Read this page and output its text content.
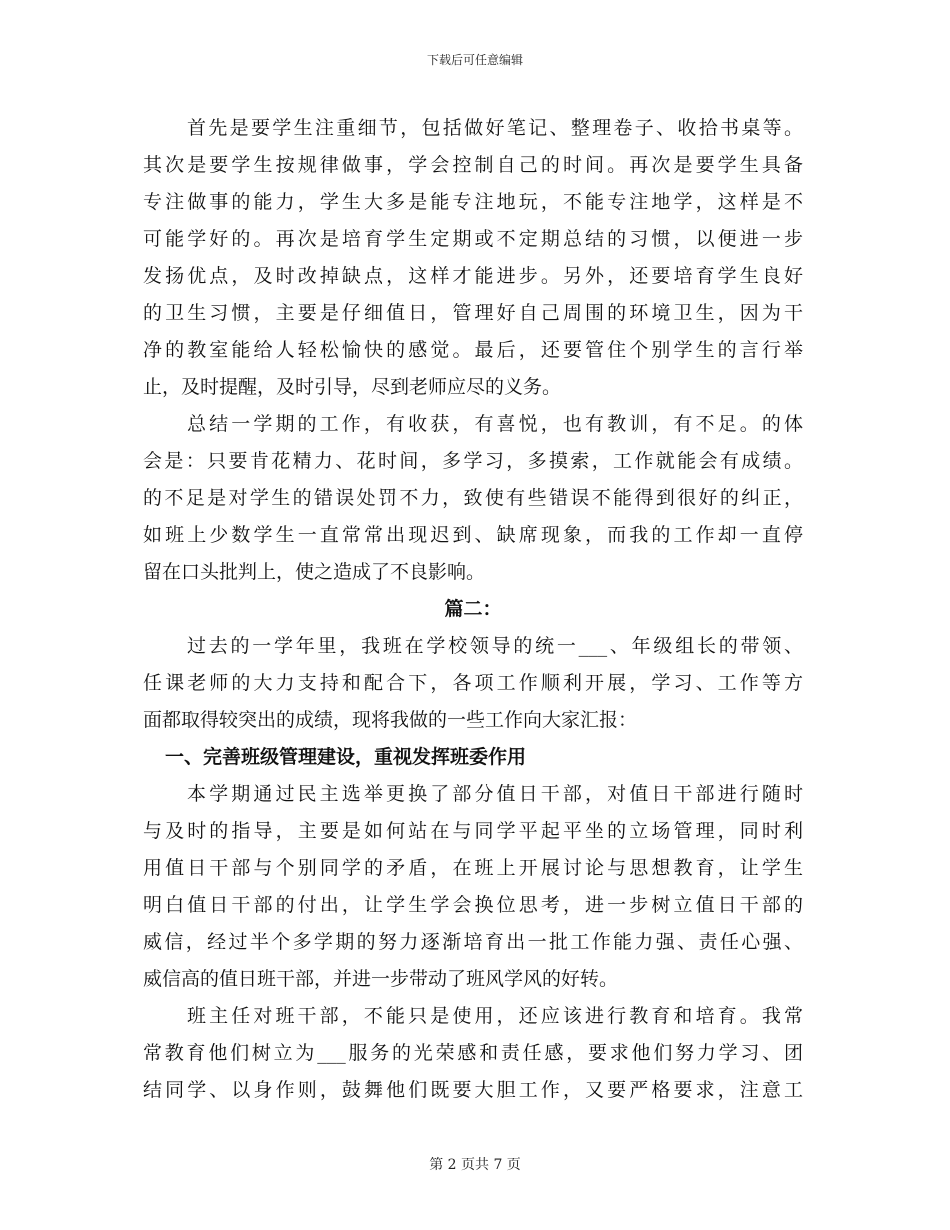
下载后可任意编辑
首先是要学生注重细节，包括做好笔记、整理卷子、收拾书桌等。
其次是要学生按规律做事，学会控制自己的时间。再次是要学生具备
专注做事的能力，学生大多是能专注地玩，不能专注地学，这样是不
可能学好的。再次是培育学生定期或不定期总结的习惯，以便进一步
发扬优点，及时改掉缺点，这样才能进步。另外，还要培育学生良好
的卫生习惯，主要是仔细值日，管理好自己周围的环境卫生，因为干
净的教室能给人轻松愉快的感觉。最后，还要管住个别学生的言行举
止，及时提醒，及时引导，尽到老师应尽的义务。
总结一学期的工作，有收获，有喜悦，也有教训，有不足。的体
会是：只要肯花精力、花时间，多学习，多摸索，工作就能会有成绩。
的不足是对学生的错误处罚不力，致使有些错误不能得到很好的纠正，
如班上少数学生一直常常出现迟到、缺席现象，而我的工作却一直停
留在口头批判上，使之造成了不良影响。
篇二：
过去的一学年里，我班在学校领导的统一___、年级组长的带领、
任课老师的大力支持和配合下，各项工作顺利开展，学习、工作等方
面都取得较突出的成绩，现将我做的一些工作向大家汇报：
一、完善班级管理建设，重视发挥班委作用
本学期通过民主选举更换了部分值日干部，对值日干部进行随时
与及时的指导，主要是如何站在与同学平起平坐的立场管理，同时利
用值日干部与个别同学的矛盾，在班上开展讨论与思想教育，让学生
明白值日干部的付出，让学生学会换位思考，进一步树立值日干部的
威信，经过半个多学期的努力逐渐培育出一批工作能力强、责任心强、
威信高的值日班干部，并进一步带动了班风学风的好转。
班主任对班干部，不能只是使用，还应该进行教育和培育。我常
常教育他们树立为___服务的光荣感和责任感，要求他们努力学习、团
结同学、以身作则，鼓舞他们既要大胆工作，又要严格要求，注意工
第 2 页共 7 页
